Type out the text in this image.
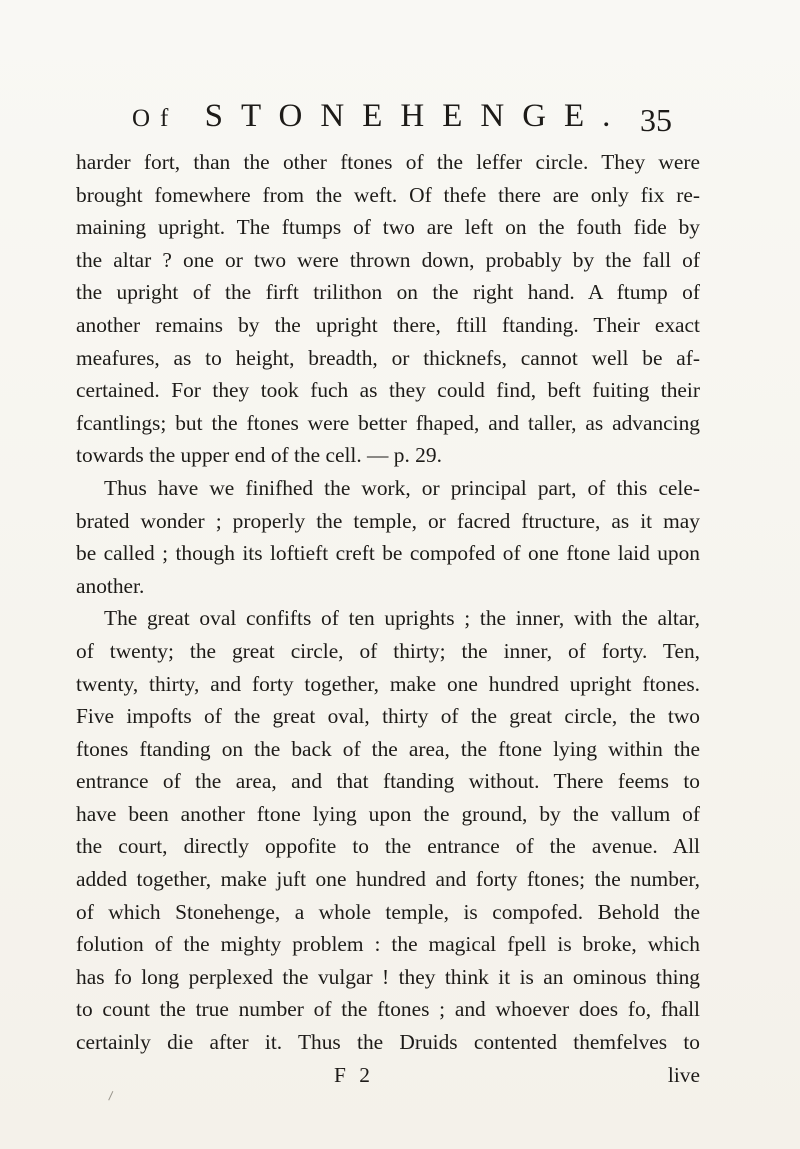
Of STONEHENGE. 35
harder fort, than the other ftones of the leffer circle. They were
brought fomewhere from the weft. Of thefe there are only fix re-
maining upright. The ftumps of two are left on the fouth fide by
the altar ? one or two were thrown down, probably by the fall of
the upright of the firft trilithon on the right hand. A ftump of
another remains by the upright there, ftill ftanding. Their exact
meafures, as to height, breadth, or thicknefs, cannot well be af-
certained. For they took fuch as they could find, beft fuiting their
fcantlings; but the ftones were better fhaped, and taller, as advancing
towards the upper end of the cell. — p. 29.
Thus have we finifhed the work, or principal part, of this cele-
brated wonder ; properly the temple, or facred ftructure, as it may
be called ; though its loftieft creft be compofed of one ftone laid upon
another.
The great oval confifts of ten uprights ; the inner, with the altar,
of twenty; the great circle, of thirty; the inner, of forty. Ten,
twenty, thirty, and forty together, make one hundred upright ftones.
Five impofts of the great oval, thirty of the great circle, the two
ftones ftanding on the back of the area, the ftone lying within the
entrance of the area, and that ftanding without. There feems to
have been another ftone lying upon the ground, by the vallum of
the court, directly oppofite to the entrance of the avenue. All
added together, make juft one hundred and forty ftones; the number,
of which Stonehenge, a whole temple, is compofed. Behold the
folution of the mighty problem : the magical fpell is broke, which
has fo long perplexed the vulgar ! they think it is an ominous thing
to count the true number of the ftones ; and whoever does fo, fhall
certainly die after it. Thus the Druids contented themfelves to
F 2	live
